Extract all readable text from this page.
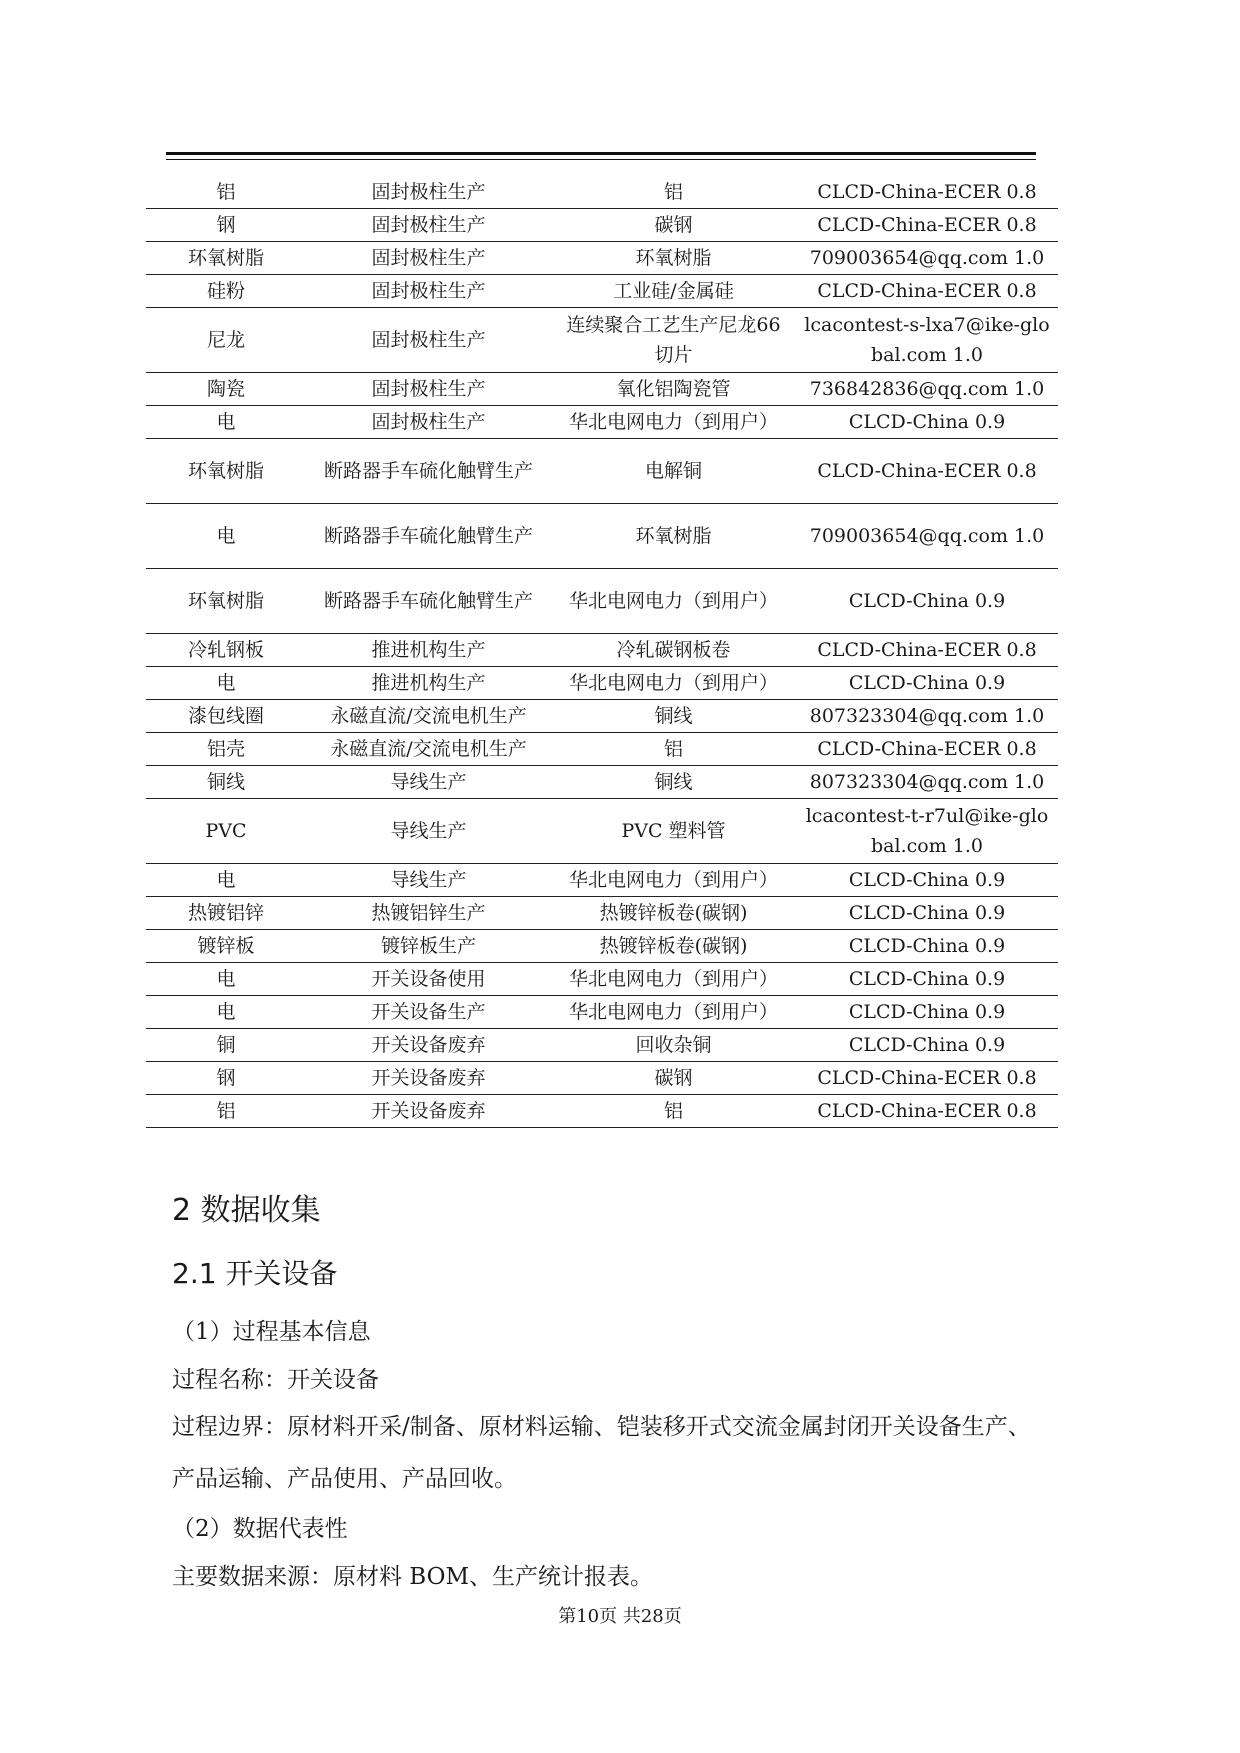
铝	固封极柱生产	铝	CLCD-China-ECER 0.8
钢	固封极柱生产	碳钢	CLCD-China-ECER 0.8
环氧树脂	固封极柱生产	环氧树脂	709003654@qq.com 1.0
硅粉	固封极柱生产	工业硅/金属硅	CLCD-China-ECER 0.8
尼龙	固封极柱生产	连续聚合工艺生产尼龙66 切片	lcacontest-s-lxa7@ike-global.com 1.0
陶瓷	固封极柱生产	氧化铝陶瓷管	736842836@qq.com 1.0
电	固封极柱生产	华北电网电力（到用户）	CLCD-China 0.9
环氧树脂	断路器手车硫化触臂生产	电解铜	CLCD-China-ECER 0.8
电	断路器手车硫化触臂生产	环氧树脂	709003654@qq.com 1.0
环氧树脂	断路器手车硫化触臂生产	华北电网电力（到用户）	CLCD-China 0.9
冷轧钢板	推进机构生产	冷轧碳钢板卷	CLCD-China-ECER 0.8
电	推进机构生产	华北电网电力（到用户）	CLCD-China 0.9
漆包线圈	永磁直流/交流电机生产	铜线	807323304@qq.com 1.0
铝壳	永磁直流/交流电机生产	铝	CLCD-China-ECER 0.8
铜线	导线生产	铜线	807323304@qq.com 1.0
PVC	导线生产	PVC 塑料管	lcacontest-t-r7ul@ike-global.com 1.0
电	导线生产	华北电网电力（到用户）	CLCD-China 0.9
热镀铝锌	热镀铝锌生产	热镀锌板卷(碳钢)	CLCD-China 0.9
镀锌板	镀锌板生产	热镀锌板卷(碳钢)	CLCD-China 0.9
电	开关设备使用	华北电网电力（到用户）	CLCD-China 0.9
电	开关设备生产	华北电网电力（到用户）	CLCD-China 0.9
铜	开关设备废弃	回收杂铜	CLCD-China 0.9
钢	开关设备废弃	碳钢	CLCD-China-ECER 0.8
铝	开关设备废弃	铝	CLCD-China-ECER 0.8
2 数据收集
2.1 开关设备
（1）过程基本信息
过程名称：开关设备
过程边界：原材料开采/制备、原材料运输、铠装移开式交流金属封闭开关设备生产、产品运输、产品使用、产品回收。
（2）数据代表性
主要数据来源：原材料 BOM、生产统计报表。
第10页 共28页
